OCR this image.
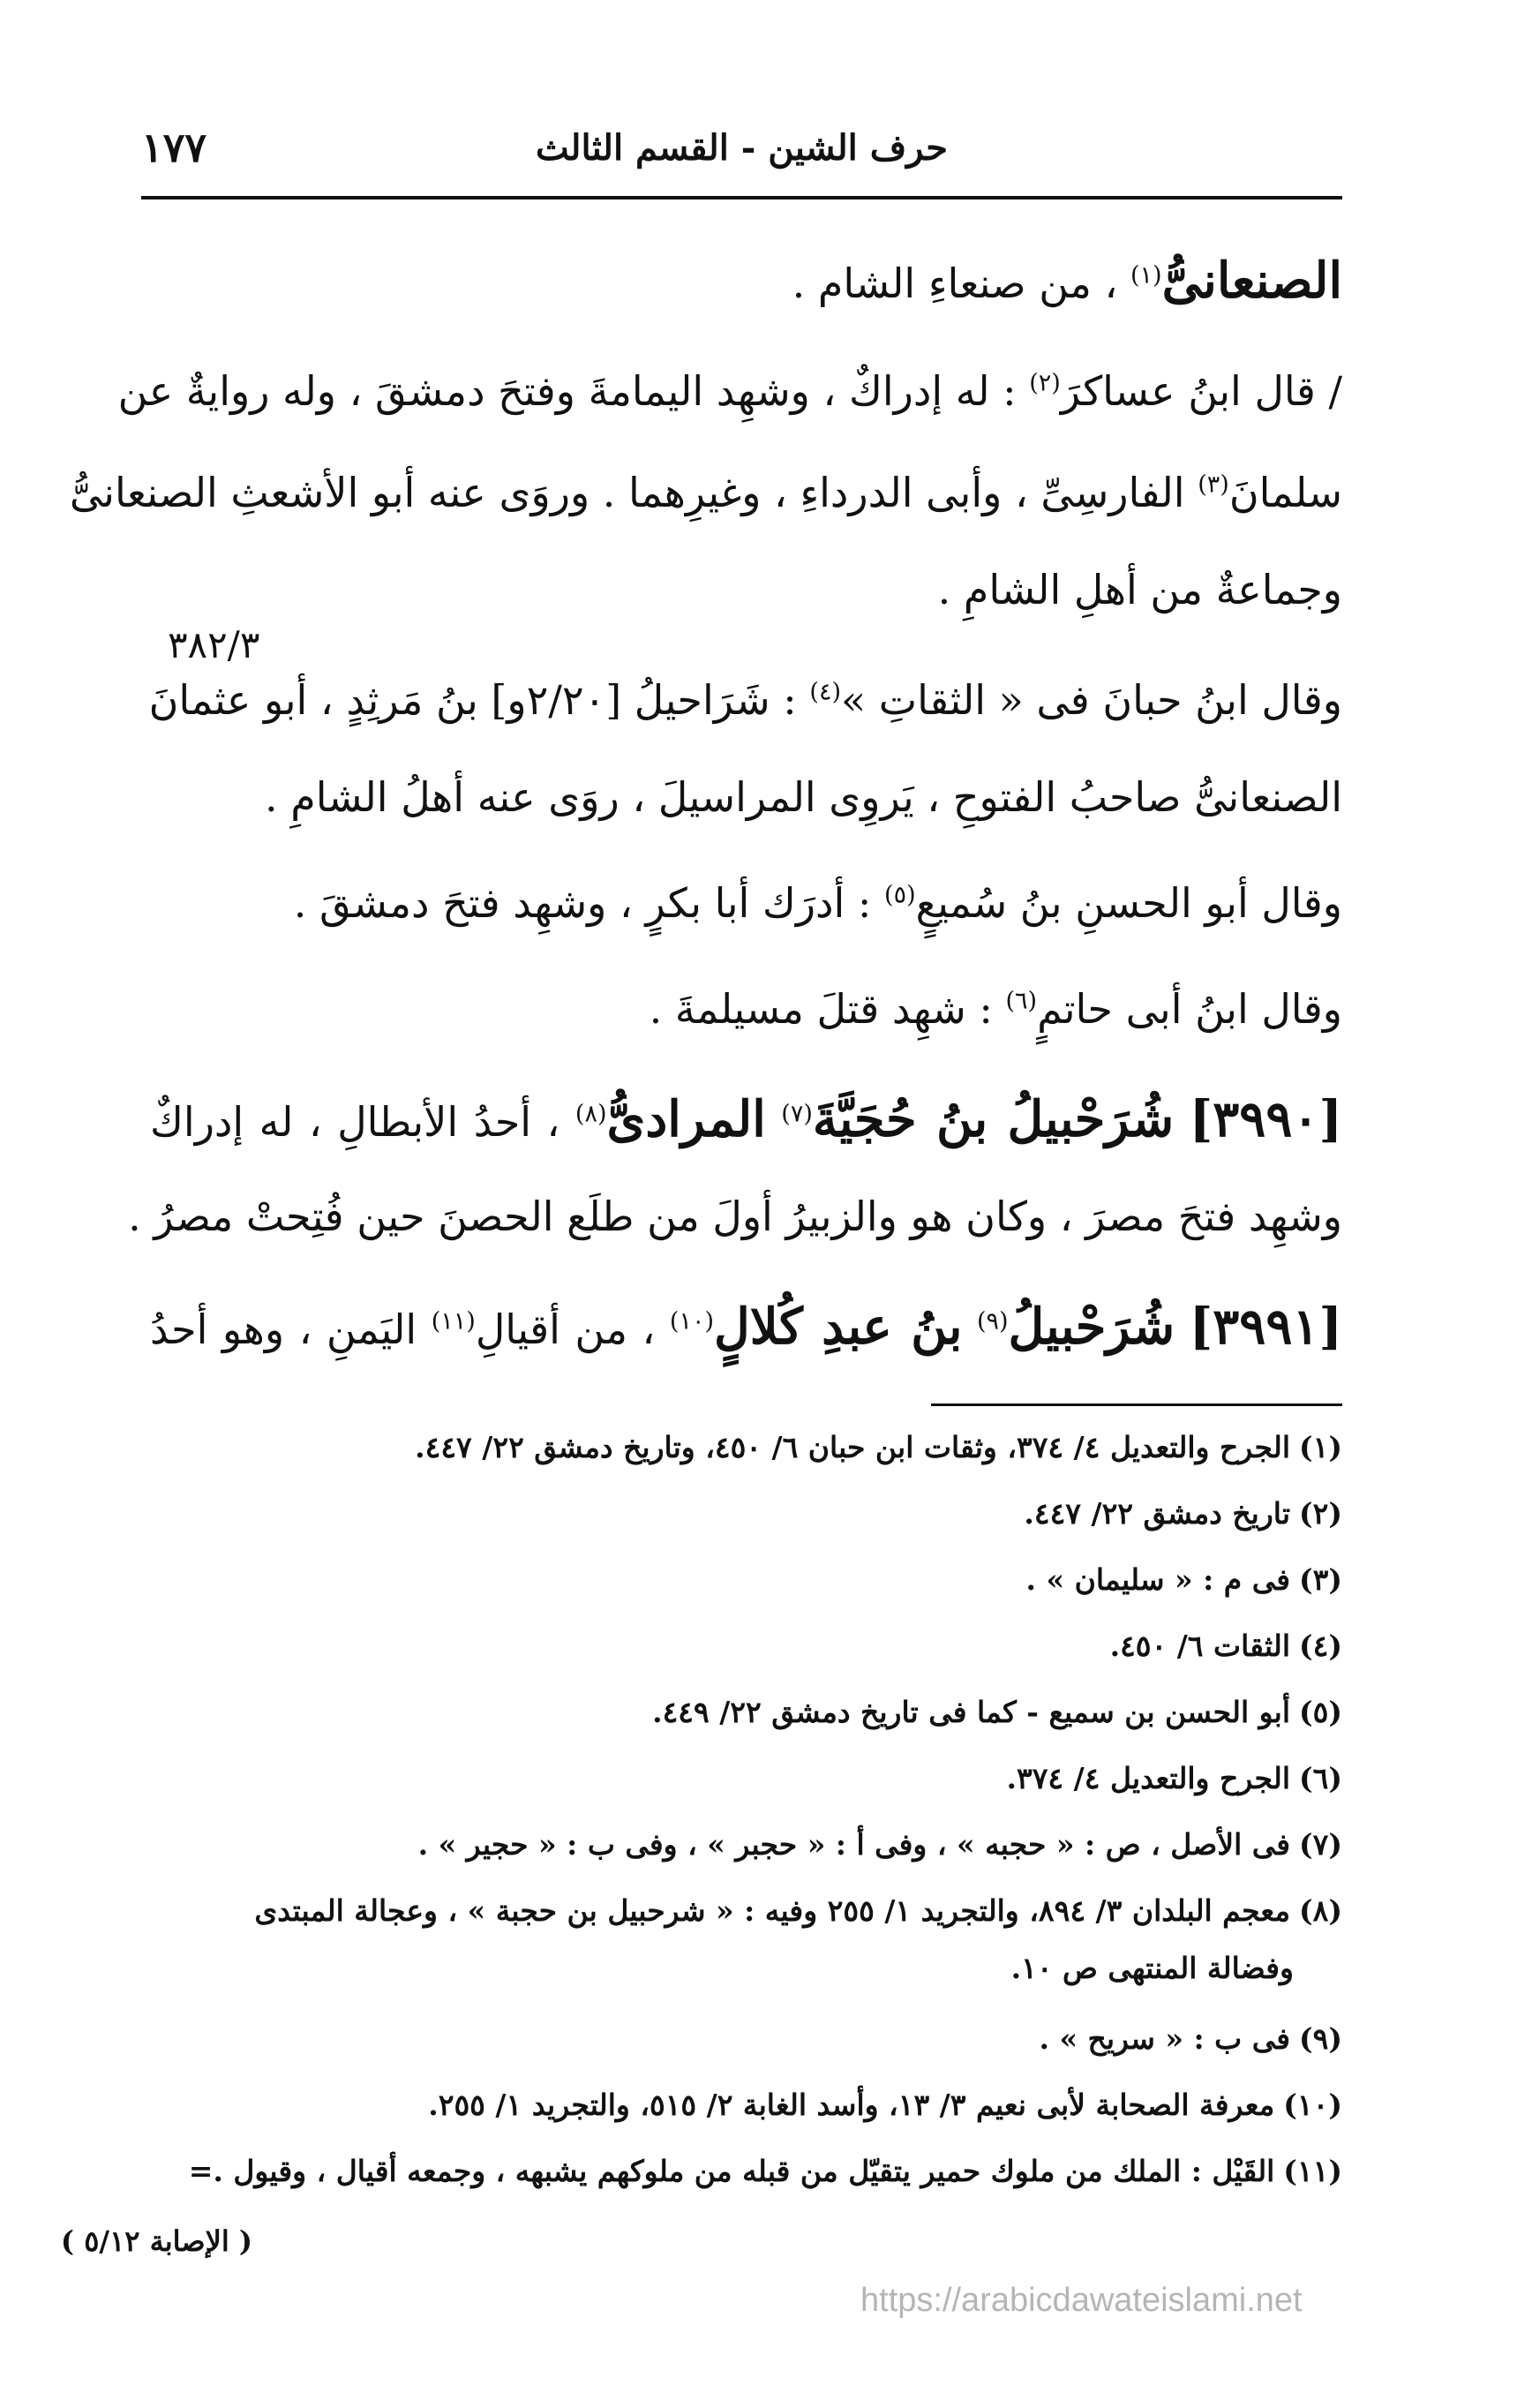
١٧٧	حرف الشين - القسم الثالث
الصنعانىُّ$^{(١)}$ ، من صنعاءِ الشام .
/ قال ابنُ عساكرَ$^{(٢)}$ : له إدراكٌ ، وشهِد اليمامةَ وفتحَ دمشقَ ، وله روايةٌ عن
٣٨٢/٣
سلمانَ$^{(٣)}$ الفارسِىِّ ، وأبى الدرداءِ ، وغيرِهما . وروَى عنه أبو الأشعثِ الصنعانىُّ
وجماعةٌ من أهلِ الشامِ .
وقال ابنُ حبانَ فى « الثقاتِ »$^{(٤)}$ : شَرَاحيلُ [٢/٢٠و] بنُ مَرثِدٍ ، أبو عثمانَ
الصنعانىُّ صاحبُ الفتوحِ ، يَروِى المراسيلَ ، روَى عنه أهلُ الشامِ .
وقال أبو الحسنِ بنُ سُميعٍ$^{(٥)}$ : أدرَك أبا بكرٍ ، وشهِد فتحَ دمشقَ .
وقال ابنُ أبى حاتمٍ$^{(٦)}$ : شهِد قتلَ مسيلمةَ .
[٣٩٩٠] شُرَحْبيلُ بنُ حُجَيَّةَ$^{(٧)}$ المرادىُّ$^{(٨)}$ ، أحدُ الأبطالِ ، له إدراكٌ
وشهِد فتحَ مصرَ ، وكان هو والزبيرُ أولَ من طلَع الحصنَ حين فُتِحتْ مصرُ .
[٣٩٩١] شُرَحْبيلُ$^{(٩)}$ بنُ عبدِ كُلالٍ$^{(١٠)}$ ، من أقيالِ$^{(١١)}$ اليَمنِ ، وهو أحدُ
(١)الجرح والتعديل ٤/ ٣٧٤، وثقات ابن حبان ٦/ ٤٥٠، وتاريخ دمشق ٢٢/ ٤٤٧.
(٢)تاريخ دمشق ٢٢/ ٤٤٧.
(٣)فى م : « سليمان » .
(٤)الثقات ٦/ ٤٥٠.
(٥)أبو الحسن بن سميع - كما فى تاريخ دمشق ٢٢/ ٤٤٩.
(٦)الجرح والتعديل ٤/ ٣٧٤.
(٧)فى الأصل ، ص : « حجبه » ، وفى أ : « حجبر » ، وفى ب : « حجير » .
(٨)معجم البلدان ٣/ ٨٩٤، والتجريد ١/ ٢٥٥ وفيه : « شرحبيل بن حجبة » ، وعجالة المبتدى
وفضالة المنتهى ص ١٠.
(٩)فى ب : « سريح » .
(١٠)معرفة الصحابة لأبى نعيم ٣/ ١٣، وأسد الغابة ٢/ ٥١٥، والتجريد ١/ ٢٥٥.
(١١)القَيْل : الملك من ملوك حمير يتقيّل من قبله من ملوكهم يشبهه ، وجمعه أقيال ، وقيول .=
( الإصابة ٥/١٢ )
https://arabicdawateislami.net
